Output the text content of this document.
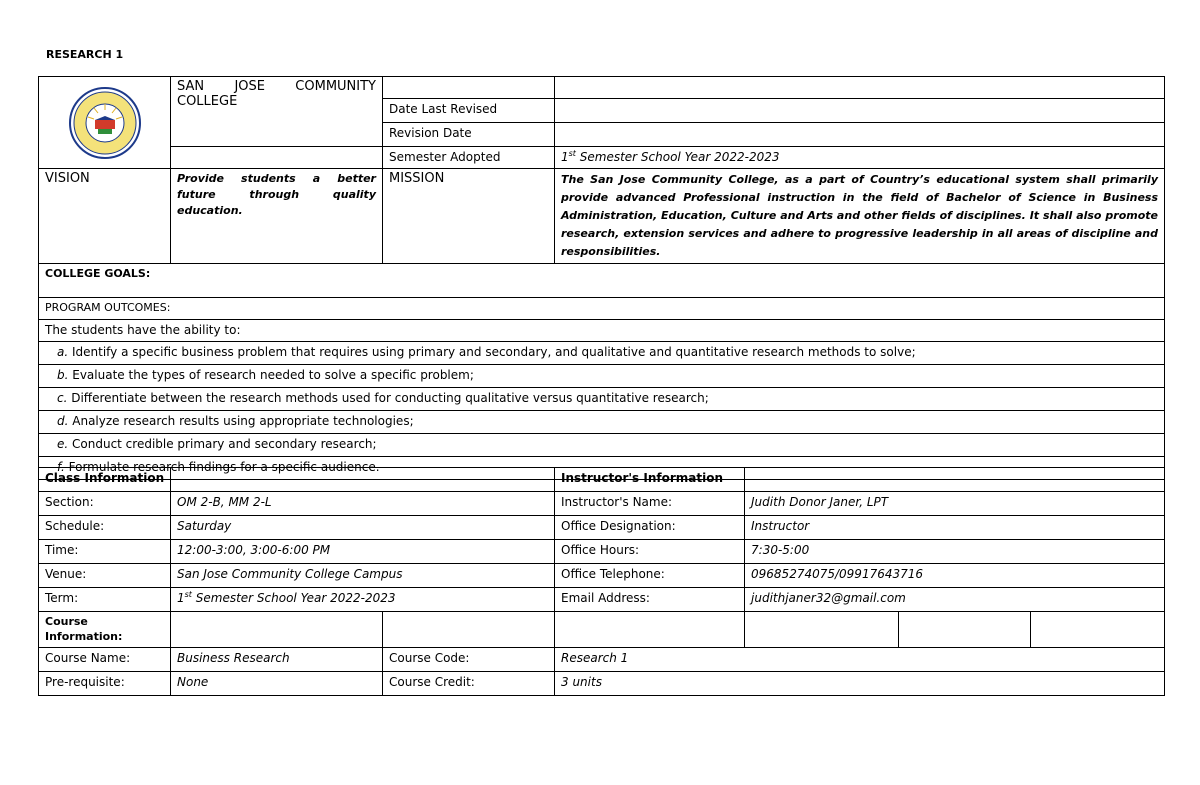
RESEARCH 1
	SAN JOSE COMMUNITY COLLEGE		
		Date Last Revised	
		Revision Date	
		Semester Adopted	1st Semester School Year 2022-2023
VISION	Provide students a better future through quality education.	MISSION	The San Jose Community College, as a part of Country’s educational system shall primarily provide advanced Professional instruction in the field of Bachelor of Science in Business Administration, Education, Culture and Arts and other fields of disciplines. It shall also promote research, extension services and adhere to progressive leadership in all areas of discipline and responsibilities.
COLLEGE GOALS:			
PROGRAM OUTCOMES:			
The students have the ability to:			
a. Identify a specific business problem that requires using primary and secondary, and qualitative and quantitative research methods to solve;			
b. Evaluate the types of research needed to solve a specific problem;			
c. Differentiate between the research methods used for conducting qualitative versus quantitative research;			
d. Analyze research results using appropriate technologies;			
e. Conduct credible primary and secondary research;			
f. Formulate research findings for a specific audience.			
Class Information			Instructor's Information			
Section:	OM 2-B, MM 2-L		Instructor's Name:	Judith Donor Janer, LPT		
Schedule:	Saturday		Office Designation:	Instructor		
Time:	12:00-3:00, 3:00-6:00 PM		Office Hours:	7:30-5:00		
Venue:	San Jose Community College Campus		Office Telephone:	09685274075/09917643716		
Term:	1st Semester School Year 2022-2023		Email Address:	judithjaner32@gmail.com		
Course Information:						
Course Name:	Business Research	Course Code:	Research 1			
Pre-requisite:	None	Course Credit:	3 units			
